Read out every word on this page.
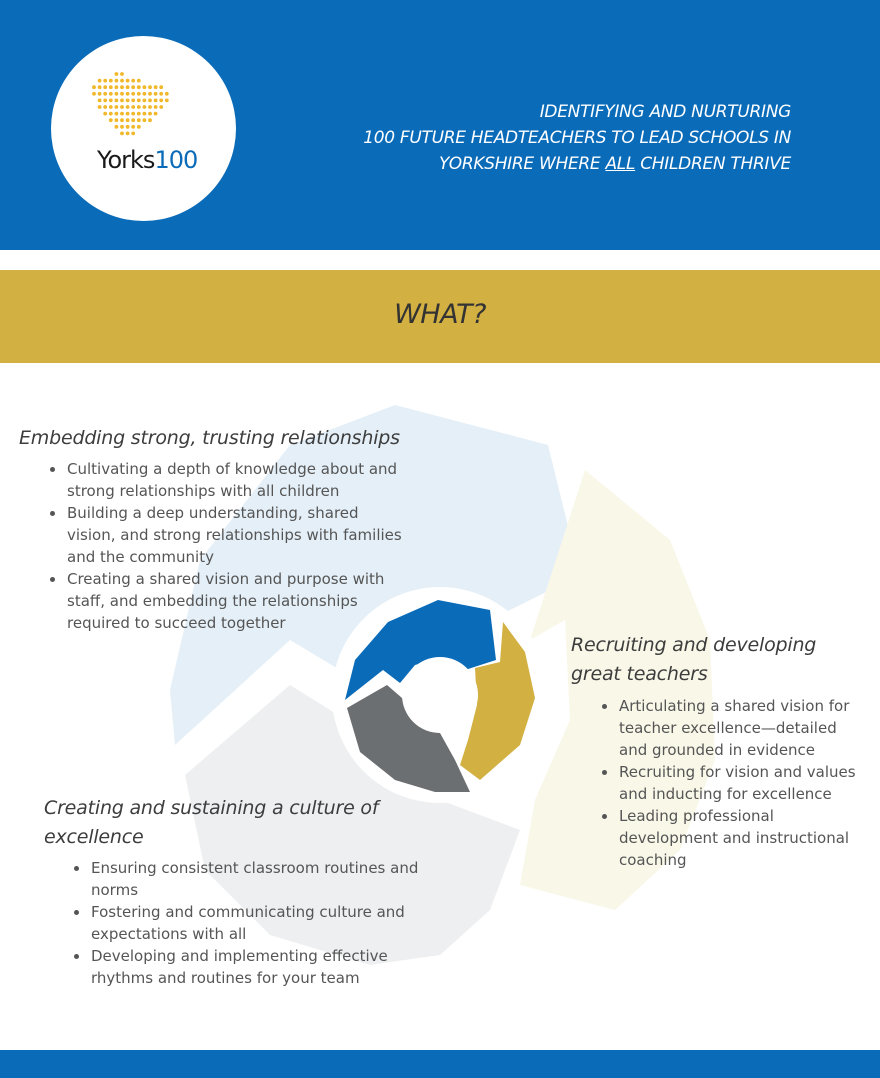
Yorks100
IDENTIFYING AND NURTURING
100 FUTURE HEADTEACHERS TO LEAD SCHOOLS IN
YORKSHIRE WHERE ALL CHILDREN THRIVE
WHAT?
Embedding strong, trusting relationships
• Cultivating a depth of knowledge about and strong relationships with all children
• Building a deep understanding, shared vision, and strong relationships with families and the community
• Creating a shared vision and purpose with staff, and embedding the relationships required to succeed together
Recruiting and developing great teachers
• Articulating a shared vision for teacher excellence—detailed and grounded in evidence
• Recruiting for vision and values and inducting for excellence
• Leading professional development and instructional coaching
Creating and sustaining a culture of excellence
• Ensuring consistent classroom routines and norms
• Fostering and communicating culture and expectations with all
• Developing and implementing effective rhythms and routines for your team
